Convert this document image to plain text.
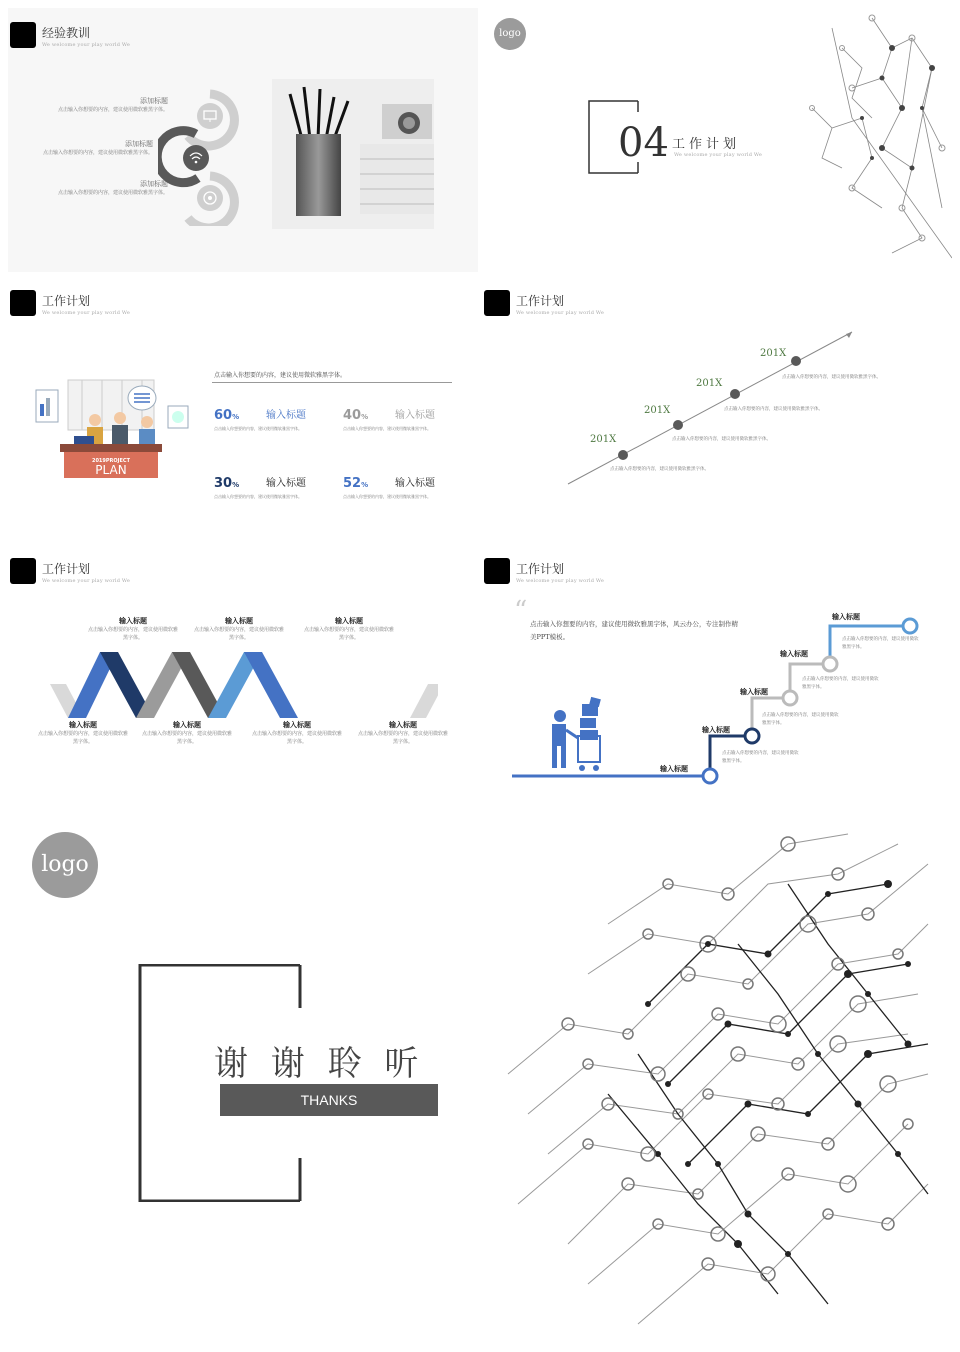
经验教训
We welcome your play world We
添加标题
点击输入你想要的内容，建议使用微软雅黑字体。
添加标题
点击输入你想要的内容，建议使用微软雅黑字体。
添加标题
点击输入你想要的内容，建议使用微软雅黑字体。
logo
04 工作计划
We welcome your play world We
工作计划
We welcome your play world We
2019PROJECT
PLAN
点击输入你想要的内容，建议使用微软雅黑字体。
60%	输入标题
点击输入你想要的内容，建议使用微软雅黑字体。
40%	输入标题
点击输入你想要的内容，建议使用微软雅黑字体。
30%	输入标题
点击输入你想要的内容，建议使用微软雅黑字体。
52%	输入标题
点击输入你想要的内容，建议使用微软雅黑字体。
工作计划
We welcome your play world We
201X
点击输入你想要的内容，建议使用微软雅黑字体。
201X
点击输入你想要的内容，建议使用微软雅黑字体。
201X
点击输入你想要的内容，建议使用微软雅黑字体。
201X
点击输入你想要的内容，建议使用微软雅黑字体。
工作计划
We welcome your play world We
输入标题
点击输入你想要的内容，建议使用微软雅黑字体。
输入标题
点击输入你想要的内容，建议使用微软雅黑字体。
输入标题
点击输入你想要的内容，建议使用微软雅黑字体。
输入标题
点击输入你想要的内容，建议使用微软雅黑字体。
输入标题
点击输入你想要的内容，建议使用微软雅黑字体。
输入标题
点击输入你想要的内容，建议使用微软雅黑字体。
输入标题
点击输入你想要的内容，建议使用微软雅黑字体。
工作计划
We welcome your play world We
“ 点击输入你想要的内容，建议使用微软雅黑字体，风云办公，专注制作精美PPT模板。
输入标题
输入标题
点击输入你想要的内容，建议使用微软雅黑字体。
输入标题
点击输入你想要的内容，建议使用微软雅黑字体。
输入标题
点击输入你想要的内容，建议使用微软雅黑字体。
输入标题
点击输入你想要的内容，建议使用微软雅黑字体。
logo
谢 谢 聆 听
THANKS
